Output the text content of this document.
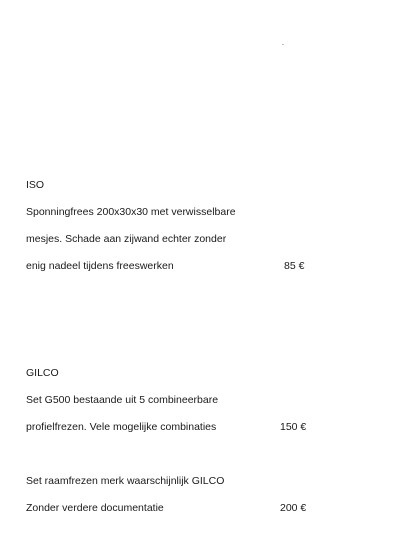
ISO
Sponningfrees 200x30x30 met verwisselbare
mesjes. Schade aan zijwand echter zonder
enig nadeel tijdens freeswerken	85 €
GILCO
Set G500 bestaande uit 5 combineerbare
profielfrezen. Vele mogelijke combinaties	150 €
Set raamfrezen merk waarschijnlijk GILCO
Zonder verdere documentatie	200 €
